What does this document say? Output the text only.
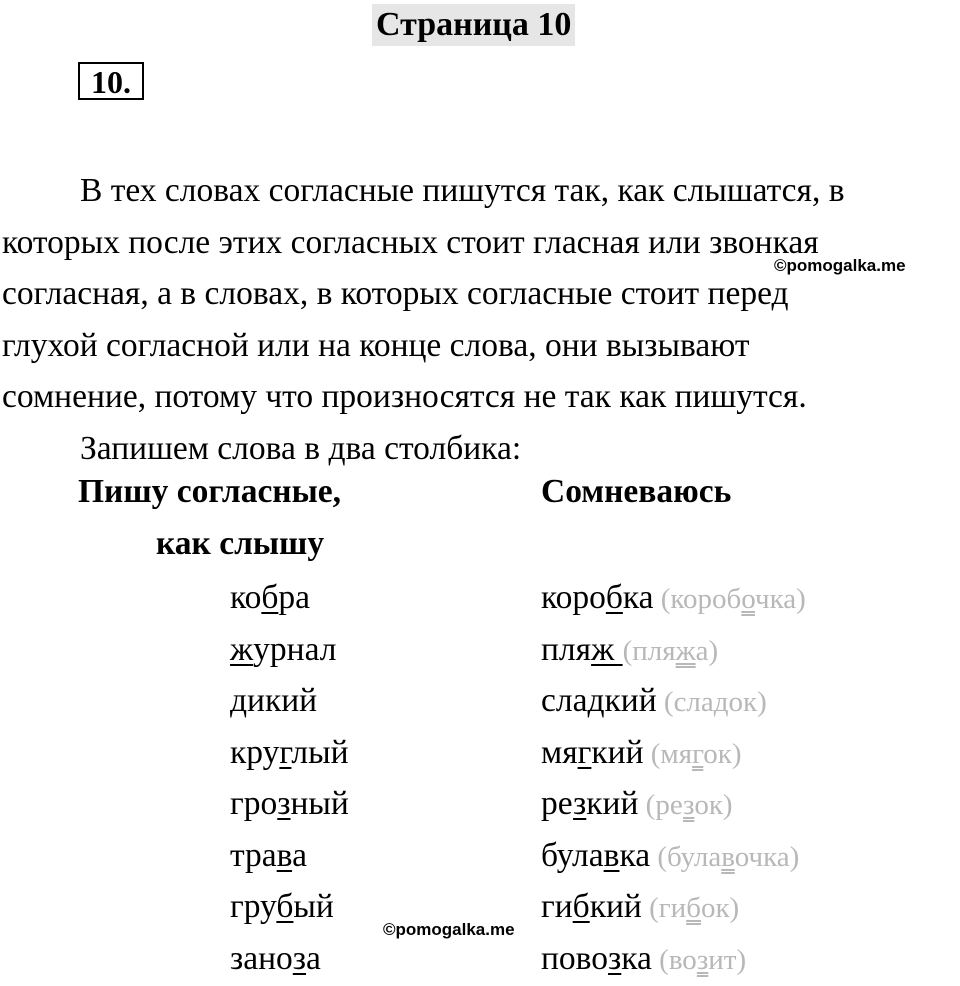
Страница 10
10.
В тех словах согласные пишутся так, как слышатся, в
которых после этих согласных стоит гласная или звонкая
согласная, а в словах, в которых согласные стоит перед
глухой согласной или на конце слова, они вызывают
сомнение, потому что произносятся не так как пишутся.
Запишем слова в два столбика:
©pomogalka.me
Пишу согласные,
как слышу
Сомневаюсь
кобра
журнал
дикий
круглый
грозный
трава
грубый
заноза
коробка (коробочка)
пляж (пляжа)
сладкий (сладок)
мягкий (мягок)
резкий (резок)
булавка (булавочка)
гибкий (гибок)
повозка (возит)
©pomogalka.me
